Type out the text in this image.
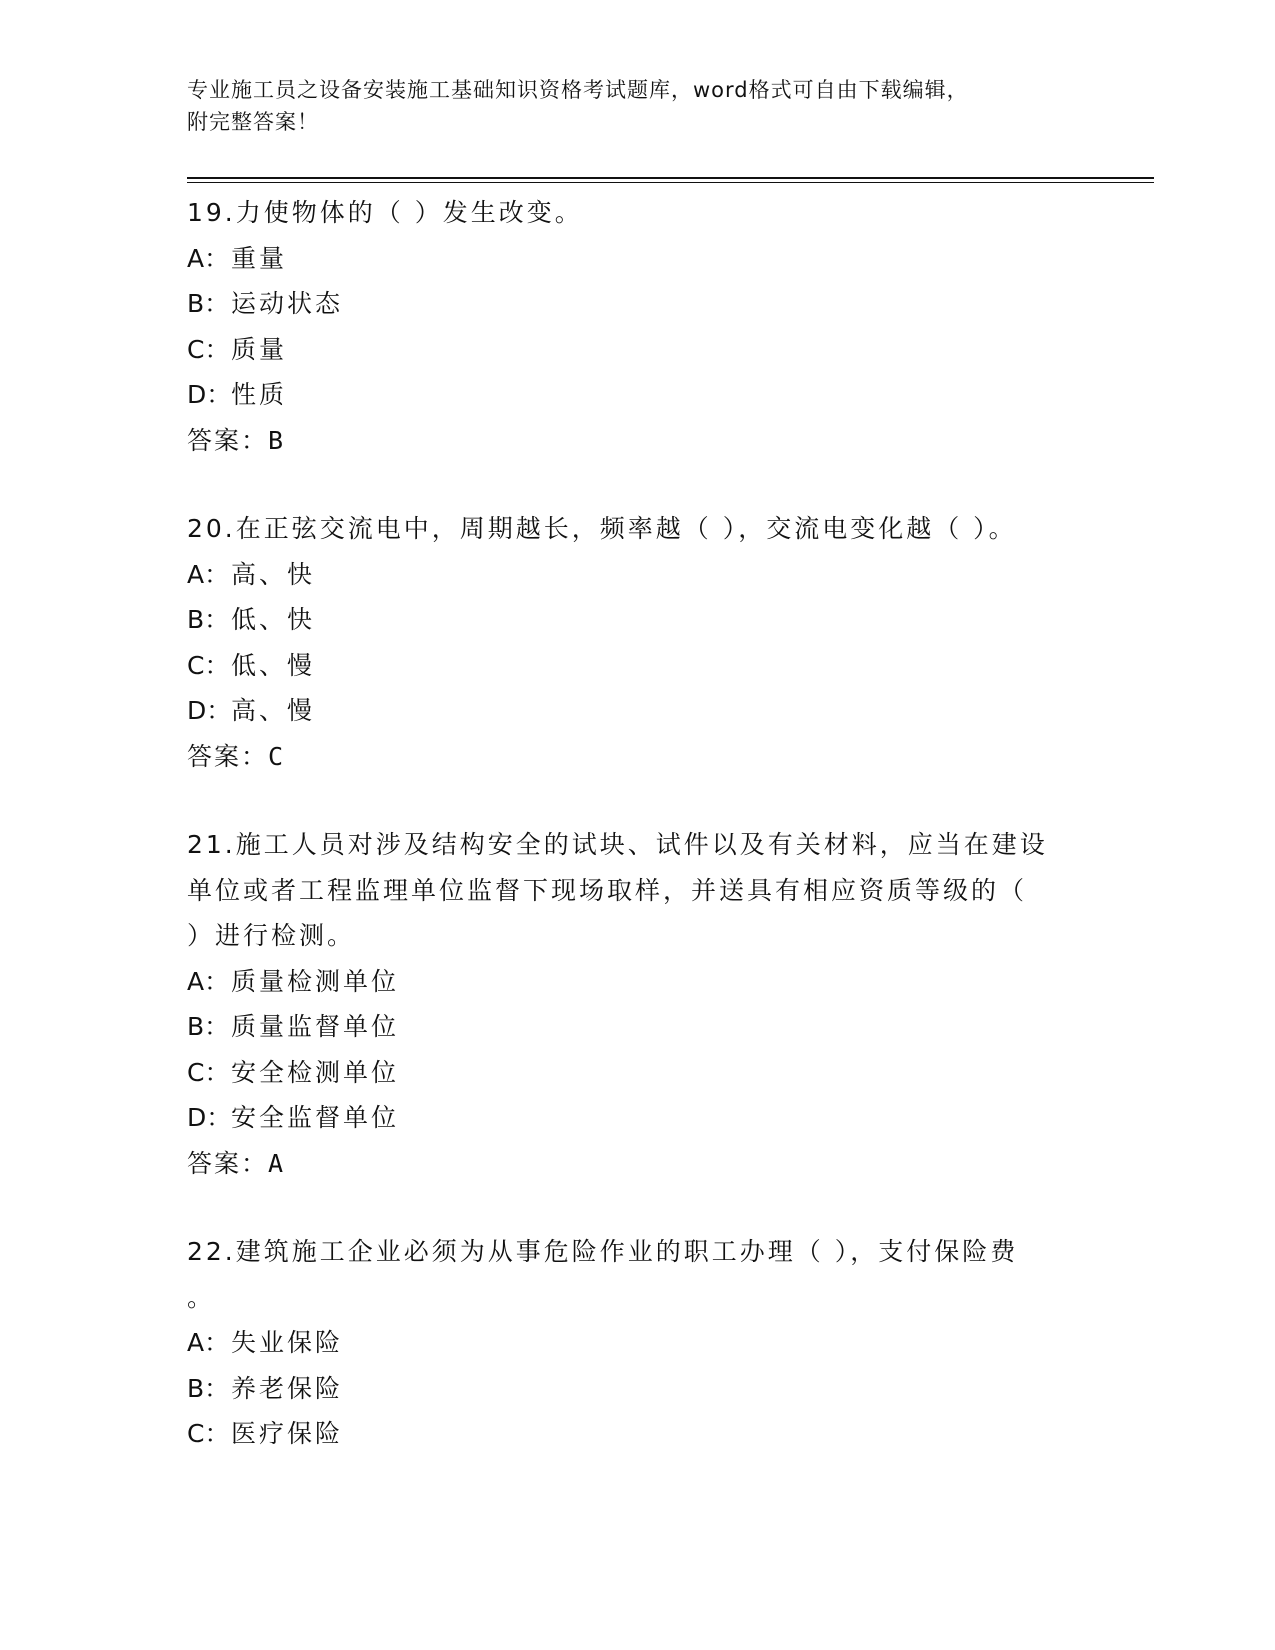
专业施工员之设备安装施工基础知识资格考试题库，word格式可自由下载编辑，
附完整答案！
19.力使物体的（ ）发生改变。
A：重量
B：运动状态
C：质量
D：性质
答案：B
20.在正弦交流电中，周期越长，频率越（ ），交流电变化越（ ）。
A：高、快
B：低、快
C：低、慢
D：高、慢
答案：C
21.施工人员对涉及结构安全的试块、试件以及有关材料，应当在建设
单位或者工程监理单位监督下现场取样，并送具有相应资质等级的（
）进行检测。
A：质量检测单位
B：质量监督单位
C：安全检测单位
D：安全监督单位
答案：A
22.建筑施工企业必须为从事危险作业的职工办理（ ），支付保险费
。
A：失业保险
B：养老保险
C：医疗保险
